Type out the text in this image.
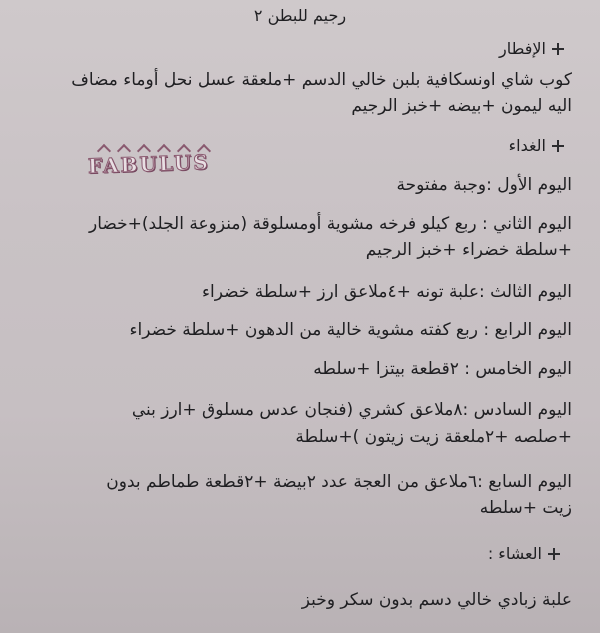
رجيم للبطن ٢
الإفطار
كوب شاي اونسكافية بلبن خالي الدسم +ملعقة عسل نحل أوماء مضاف
اليه ليمون +بيضه +خبز الرجيم
الغداء
FABULUS
اليوم الأول :وجبة مفتوحة
اليوم الثاني : ربع كيلو فرخه مشوية أومسلوقة (منزوعة الجلد)+خضار
+سلطة خضراء +خبز الرجيم
اليوم الثالث :علبة تونه +٤ملاعق ارز +سلطة خضراء
اليوم الرابع : ربع كفته مشوية خالية من الدهون +سلطة خضراء
اليوم الخامس : ٢قطعة بيتزا +سلطه
اليوم السادس :٨ملاعق كشري (فنجان عدس مسلوق +ارز بني
+صلصه +٢ملعقة زيت زيتون )+سلطة
اليوم السابع :٦ملاعق من العجة عدد ٢بيضة +٢قطعة طماطم بدون
زيت +سلطه
العشاء :
علبة زبادي خالي دسم بدون سكر وخبز
